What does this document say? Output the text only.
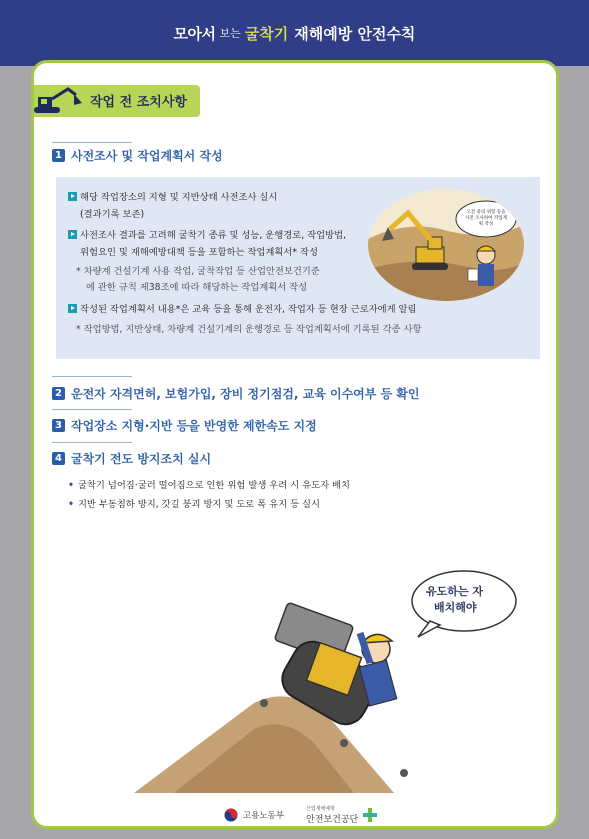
모아서 보는 굴착기 재해예방 안전수칙
작업 전 조치사항
1 사전조사 및 작업계획서 작성
해당 작업장소의 지형 및 지반상태 사전조사 실시
(결과기록 보존)
사전조사 결과를 고려해 굴착기 종류 및 성능, 운행경로, 작업방법,
위험요인 및 재해예방대책 등을 포함하는 작업계획서* 작성
* 차량계 건설기계 사용 작업, 굴착작업 등 산업안전보건기준
에 관한 규칙 제38조에 따라 해당하는 작업계획서 작성
작성된 작업계획서 내용*은 교육 등을 통해 운전자, 작업자 등 현장 근로자에게 알림
* 작업방법, 지반상태, 차량계 건설기계의 운행경로 등 작업계획서에 기록된 각종 사항
오전 중의 위험 등을 사전 조사하여 작업계획 작성
2 운전자 자격면허, 보험가입, 장비 정기점검, 교육 이수여부 등 확인
3 작업장소 지형·지반 등을 반영한 제한속도 지정
4 굴착기 전도 방지조치 실시
• 굴착기 넘어짐·굴러 떨어짐으로 인한 위험 발생 우려 시 유도자 배치
• 지반 부동침하 방지, 갓길 붕괴 방지 및 도로 폭 유지 등 실시
유도하는 자
배치해야
고용노동부
산업재해예방
안전보건공단
